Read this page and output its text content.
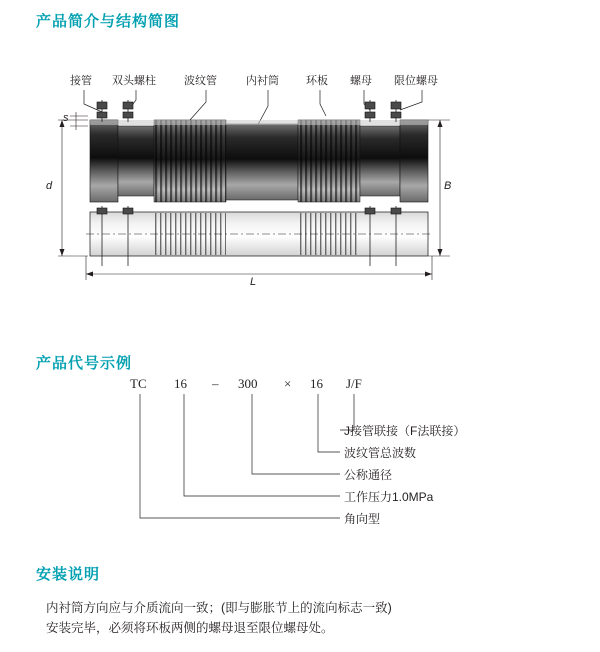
产品简介与结构简图
接管 双头螺柱	波纹管	内衬筒 环板 螺母 限位螺母
s
d	B
L
产品代号示例
TC 16 – 300 × 16 J/F
J接管联接（F法联接）
波纹管总波数
公称通径
工作压力1.0MPa
角向型
安装说明
内衬筒方向应与介质流向一致；(即与膨胀节上的流向标志一致)
安装完毕，必须将环板两侧的螺母退至限位螺母处。
